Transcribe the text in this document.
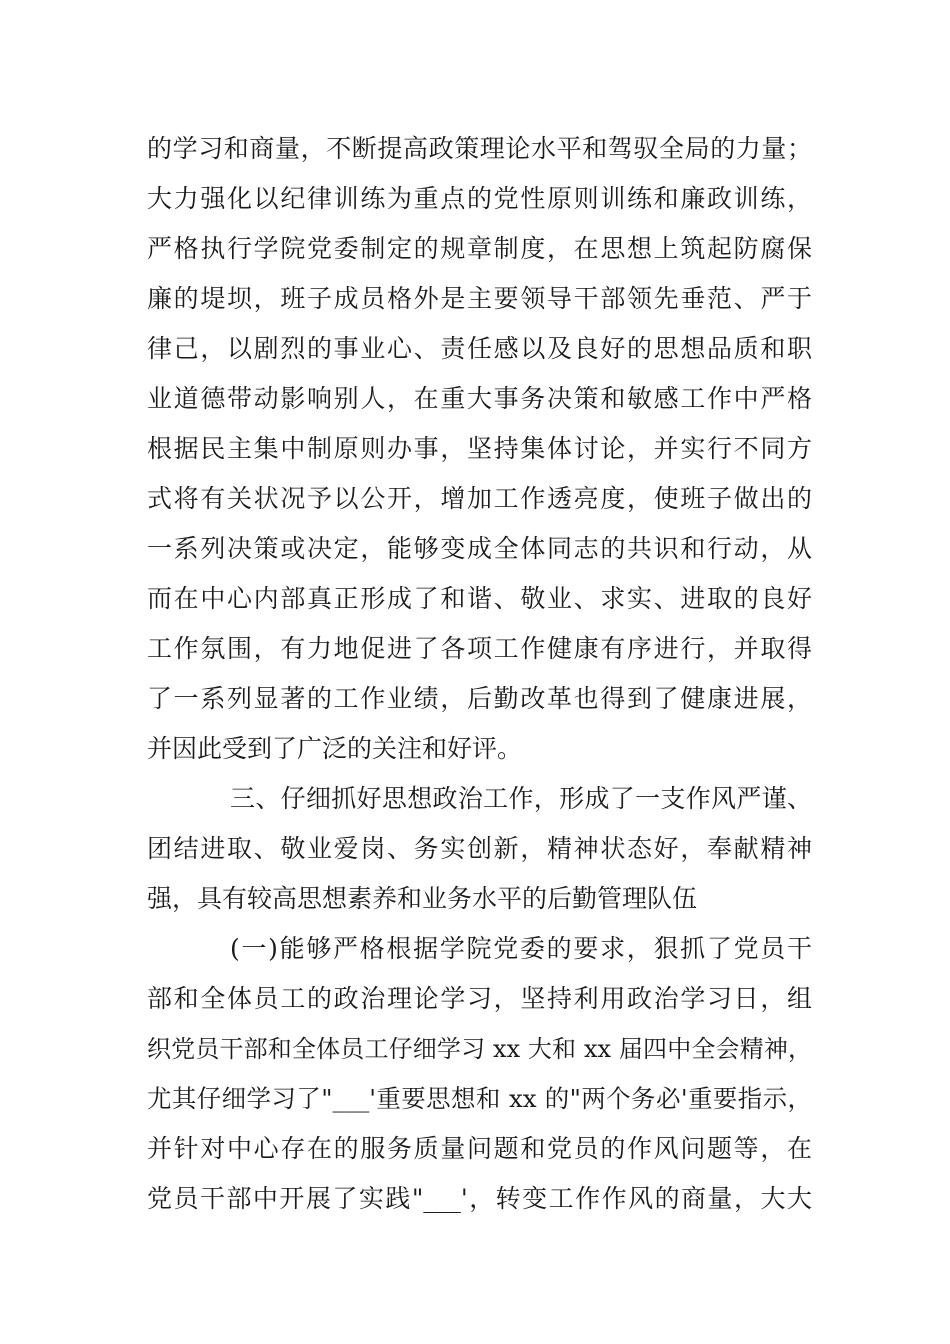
的学习和商量，不断提高政策理论水平和驾驭全局的力量；
大力强化以纪律训练为重点的党性原则训练和廉政训练，
严格执行学院党委制定的规章制度，在思想上筑起防腐保
廉的堤坝，班子成员格外是主要领导干部领先垂范、严于
律己，以剧烈的事业心、责任感以及良好的思想品质和职
业道德带动影响别人，在重大事务决策和敏感工作中严格
根据民主集中制原则办事，坚持集体讨论，并实行不同方
式将有关状况予以公开，增加工作透亮度，使班子做出的
一系列决策或决定，能够变成全体同志的共识和行动，从
而在中心内部真正形成了和谐、敬业、求实、进取的良好
工作氛围，有力地促进了各项工作健康有序进行，并取得
了一系列显著的工作业绩，后勤改革也得到了健康进展，
并因此受到了广泛的关注和好评。
三、仔细抓好思想政治工作，形成了一支作风严谨、
团结进取、敬业爱岗、务实创新，精神状态好，奉献精神
强，具有较高思想素养和业务水平的后勤管理队伍
(一)能够严格根据学院党委的要求，狠抓了党员干
部和全体员工的政治理论学习，坚持利用政治学习日，组
织党员干部和全体员工仔细学习 xx 大和 xx 届四中全会精神，
尤其仔细学习了"___'重要思想和 xx 的"两个务必'重要指示，
并针对中心存在的服务质量问题和党员的作风问题等，在
党员干部中开展了实践"___'，转变工作作风的商量，大大
